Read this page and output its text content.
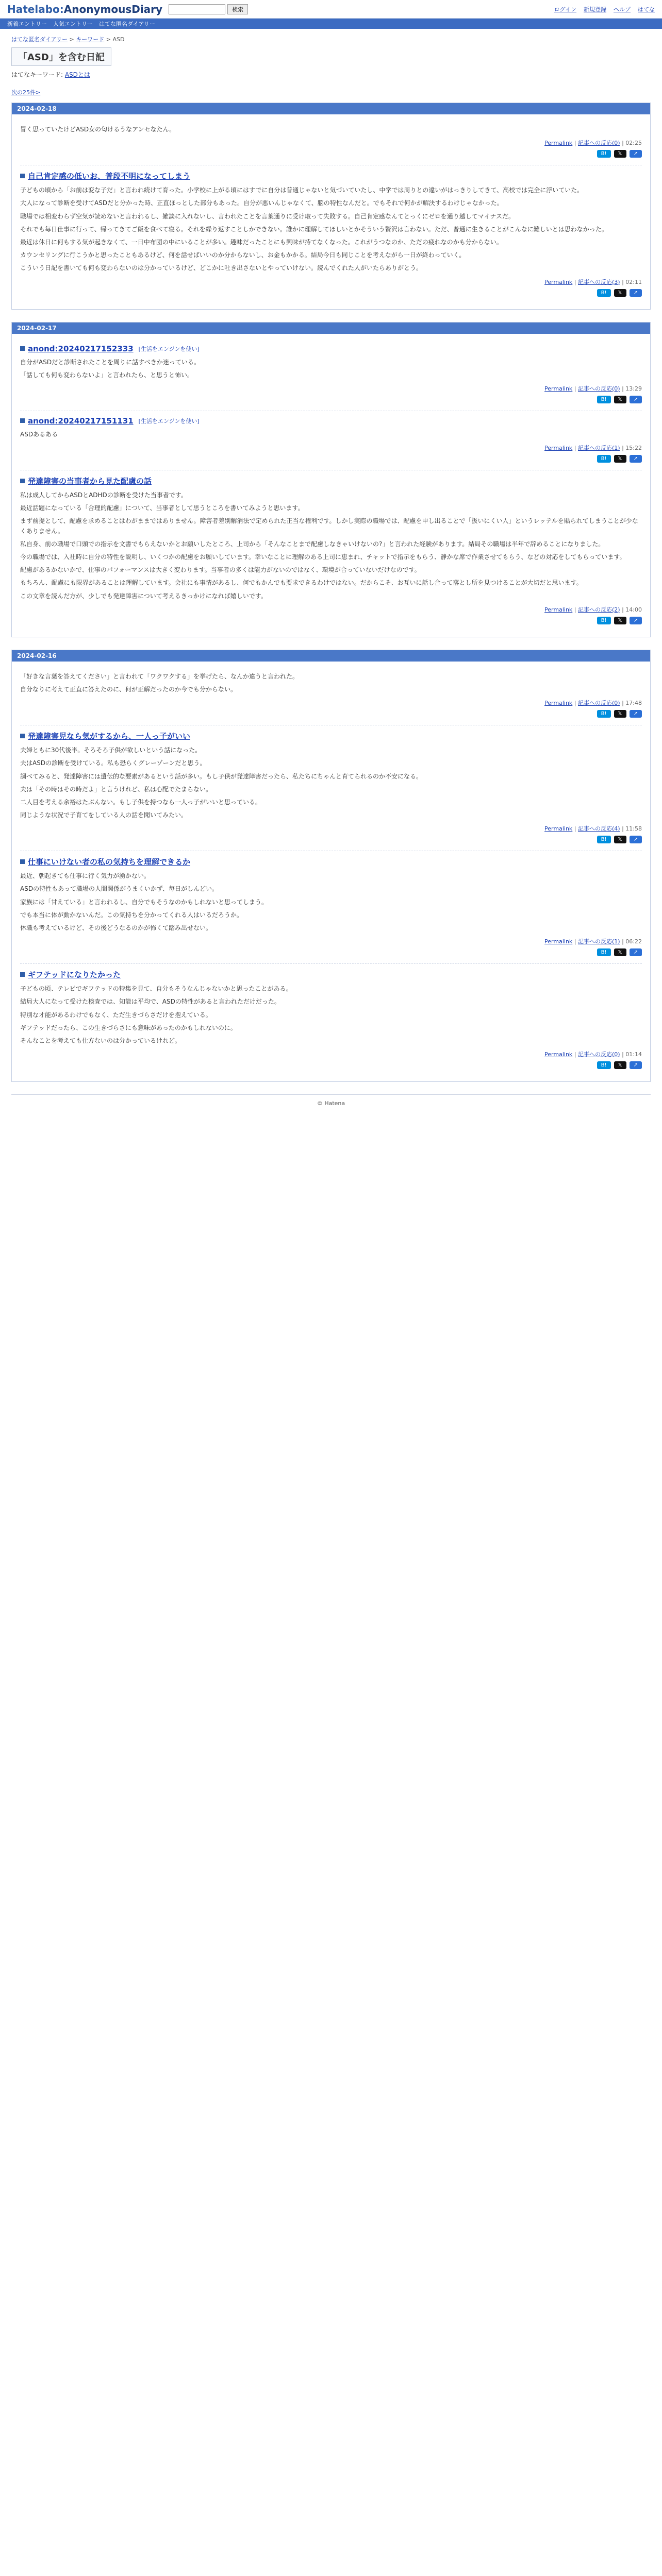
Hatelabo: AnonymousDiary	検索	ログイン 新規登録 ヘルプ はてな
新着エントリー 人気エントリー はてな匿名ダイアリー
はてな匿名ダイアリー > キーワード > ASD
「ASD」を含む日記
はてなキーワード: ASDとは
次の25件>
2024-02-18

冒く思っていたけどASD女の匂けるうなアンセなたん。

Permalink | 記事への反応(0) | 02:25
B!	𝕏	↗
自己肯定感の低いお、普段不明になってしまう

子どもの頃から「お前は変な子だ」と言われ続けて育った。小学校に上がる頃にはすでに自分は普通じゃないと気づいていたし、中学では周りとの違いがはっきりしてきて、高校では完全に浮いていた。

大人になって診断を受けてASDだと分かった時、正直ほっとした部分もあった。自分が悪いんじゃなくて、脳の特性なんだと。でもそれで何かが解決するわけじゃなかった。

職場では相変わらず空気が読めないと言われるし、雑談に入れないし、言われたことを言葉通りに受け取って失敗する。自己肯定感なんてとっくにゼロを通り越してマイナスだ。

それでも毎日仕事に行って、帰ってきてご飯を食べて寝る。それを繰り返すことしかできない。誰かに理解してほしいとかそういう贅沢は言わない。ただ、普通に生きることがこんなに難しいとは思わなかった。

最近は休日に何もする気が起きなくて、一日中布団の中にいることが多い。趣味だったことにも興味が持てなくなった。これがうつなのか、ただの疲れなのかも分からない。

カウンセリングに行こうかと思ったこともあるけど、何を話せばいいのか分からないし、お金もかかる。結局今日も同じことを考えながら一日が終わっていく。

こういう日記を書いても何も変わらないのは分かっているけど、どこかに吐き出さないとやっていけない。読んでくれた人がいたらありがとう。

Permalink | 記事への反応(3) | 02:11
B!	𝕏	↗
2024-02-17
anond:20240217152333 [生活をエンジンを使い]

自分がASDだと診断されたことを周りに話すべきか迷っている。

「話しても何も変わらないよ」と言われたら、と思うと怖い。

Permalink | 記事への反応(0) | 13:29
B!	𝕏	↗
anond:20240217151131 [生活をエンジンを使い]

ASDあるある

Permalink | 記事への反応(1) | 15:22
B!	𝕏	↗
発達障害の当事者から見た配慮の話

私は成人してからASDとADHDの診断を受けた当事者です。

最近話題になっている「合理的配慮」について、当事者として思うところを書いてみようと思います。

まず前提として、配慮を求めることはわがままではありません。障害者差別解消法で定められた正当な権利です。しかし実際の職場では、配慮を申し出ることで「扱いにくい人」というレッテルを貼られてしまうことが少なくありません。

私自身、前の職場で口頭での指示を文書でもらえないかとお願いしたところ、上司から「そんなことまで配慮しなきゃいけないの?」と言われた経験があります。結局その職場は半年で辞めることになりました。

今の職場では、入社時に自分の特性を説明し、いくつかの配慮をお願いしています。幸いなことに理解のある上司に恵まれ、チャットで指示をもらう、静かな席で作業させてもらう、などの対応をしてもらっています。

配慮があるかないかで、仕事のパフォーマンスは大きく変わります。当事者の多くは能力がないのではなく、環境が合っていないだけなのです。

もちろん、配慮にも限界があることは理解しています。会社にも事情があるし、何でもかんでも要求できるわけではない。だからこそ、お互いに話し合って落とし所を見つけることが大切だと思います。

この文章を読んだ方が、少しでも発達障害について考えるきっかけになれば嬉しいです。

Permalink | 記事への反応(2) | 14:00
B!	𝕏	↗
2024-02-16

「好きな言葉を答えてください」と言われて「ワクワクする」を挙げたら、なんか違うと言われた。

自分なりに考えて正直に答えたのに、何が正解だったのか今でも分からない。

Permalink | 記事への反応(0) | 17:48
B!	𝕏	↗
発達障害児なら気がするから、一人っ子がいい

夫婦ともに30代後半。そろそろ子供が欲しいという話になった。

夫はASDの診断を受けている。私も恐らくグレーゾーンだと思う。

調べてみると、発達障害には遺伝的な要素があるという話が多い。もし子供が発達障害だったら、私たちにちゃんと育てられるのか不安になる。

夫は「その時はその時だよ」と言うけれど、私は心配でたまらない。

二人目を考える余裕はたぶんない。もし子供を持つなら一人っ子がいいと思っている。

同じような状況で子育てをしている人の話を聞いてみたい。

Permalink | 記事への反応(4) | 11:58
B!	𝕏	↗
仕事にいけない者の私の気持ちを理解できるか

最近、朝起きても仕事に行く気力が湧かない。

ASDの特性もあって職場の人間関係がうまくいかず、毎日がしんどい。

家族には「甘えている」と言われるし、自分でもそうなのかもしれないと思ってしまう。

でも本当に体が動かないんだ。この気持ちを分かってくれる人はいるだろうか。

休職も考えているけど、その後どうなるのかが怖くて踏み出せない。

Permalink | 記事への反応(1) | 06:22
B!	𝕏	↗
ギフテッドになりたかった

子どもの頃、テレビでギフテッドの特集を見て、自分もそうなんじゃないかと思ったことがある。

結局大人になって受けた検査では、知能は平均で、ASDの特性があると言われただけだった。

特別な才能があるわけでもなく、ただ生きづらさだけを抱えている。

ギフテッドだったら、この生きづらさにも意味があったのかもしれないのに。

そんなことを考えても仕方ないのは分かっているけれど。

Permalink | 記事への反応(0) | 01:14
B!	𝕏	↗
© Hatena
